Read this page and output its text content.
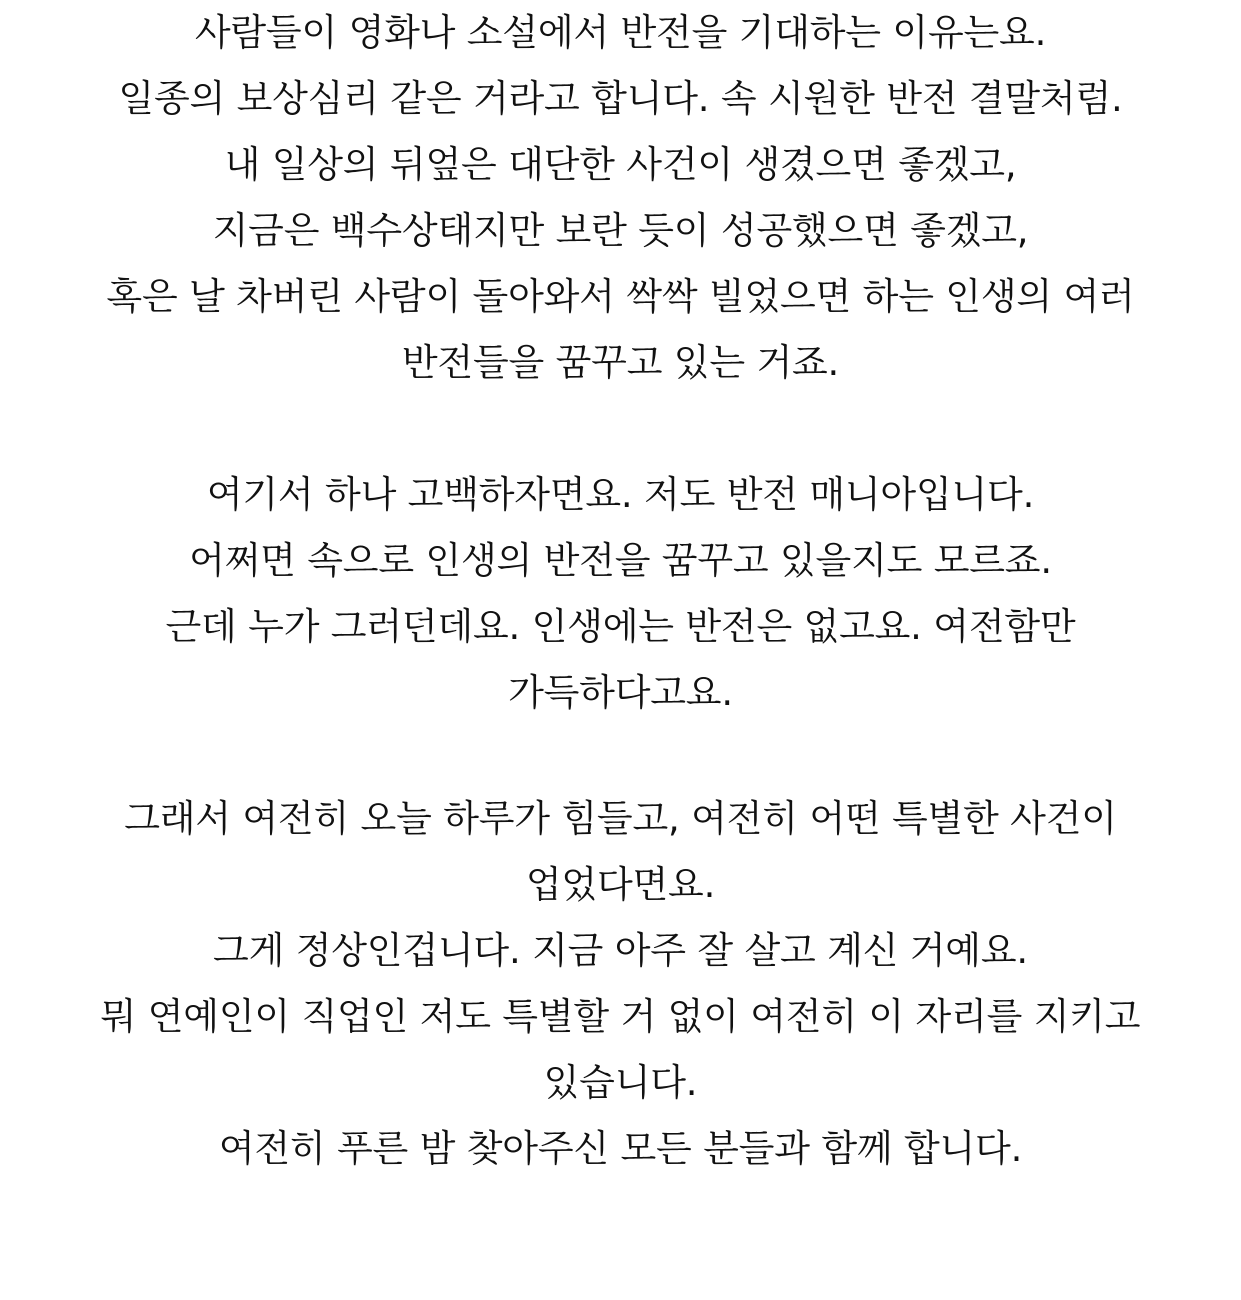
사람들이 영화나 소설에서 반전을 기대하는 이유는요.
일종의 보상심리 같은 거라고 합니다. 속 시원한 반전 결말처럼.
내 일상의 뒤엎은 대단한 사건이 생겼으면 좋겠고,
지금은 백수상태지만 보란 듯이 성공했으면 좋겠고,
혹은 날 차버린 사람이 돌아와서 싹싹 빌었으면 하는 인생의 여러
반전들을 꿈꾸고 있는 거죠.
여기서 하나 고백하자면요. 저도 반전 매니아입니다.
어쩌면 속으로 인생의 반전을 꿈꾸고 있을지도 모르죠.
근데 누가 그러던데요. 인생에는 반전은 없고요. 여전함만
가득하다고요.
그래서 여전히 오늘 하루가 힘들고, 여전히 어떤 특별한 사건이
업었다면요.
그게 정상인겁니다. 지금 아주 잘 살고 계신 거예요.
뭐 연예인이 직업인 저도 특별할 거 없이 여전히 이 자리를 지키고
있습니다.
여전히 푸른 밤 찾아주신 모든 분들과 함께 합니다.
